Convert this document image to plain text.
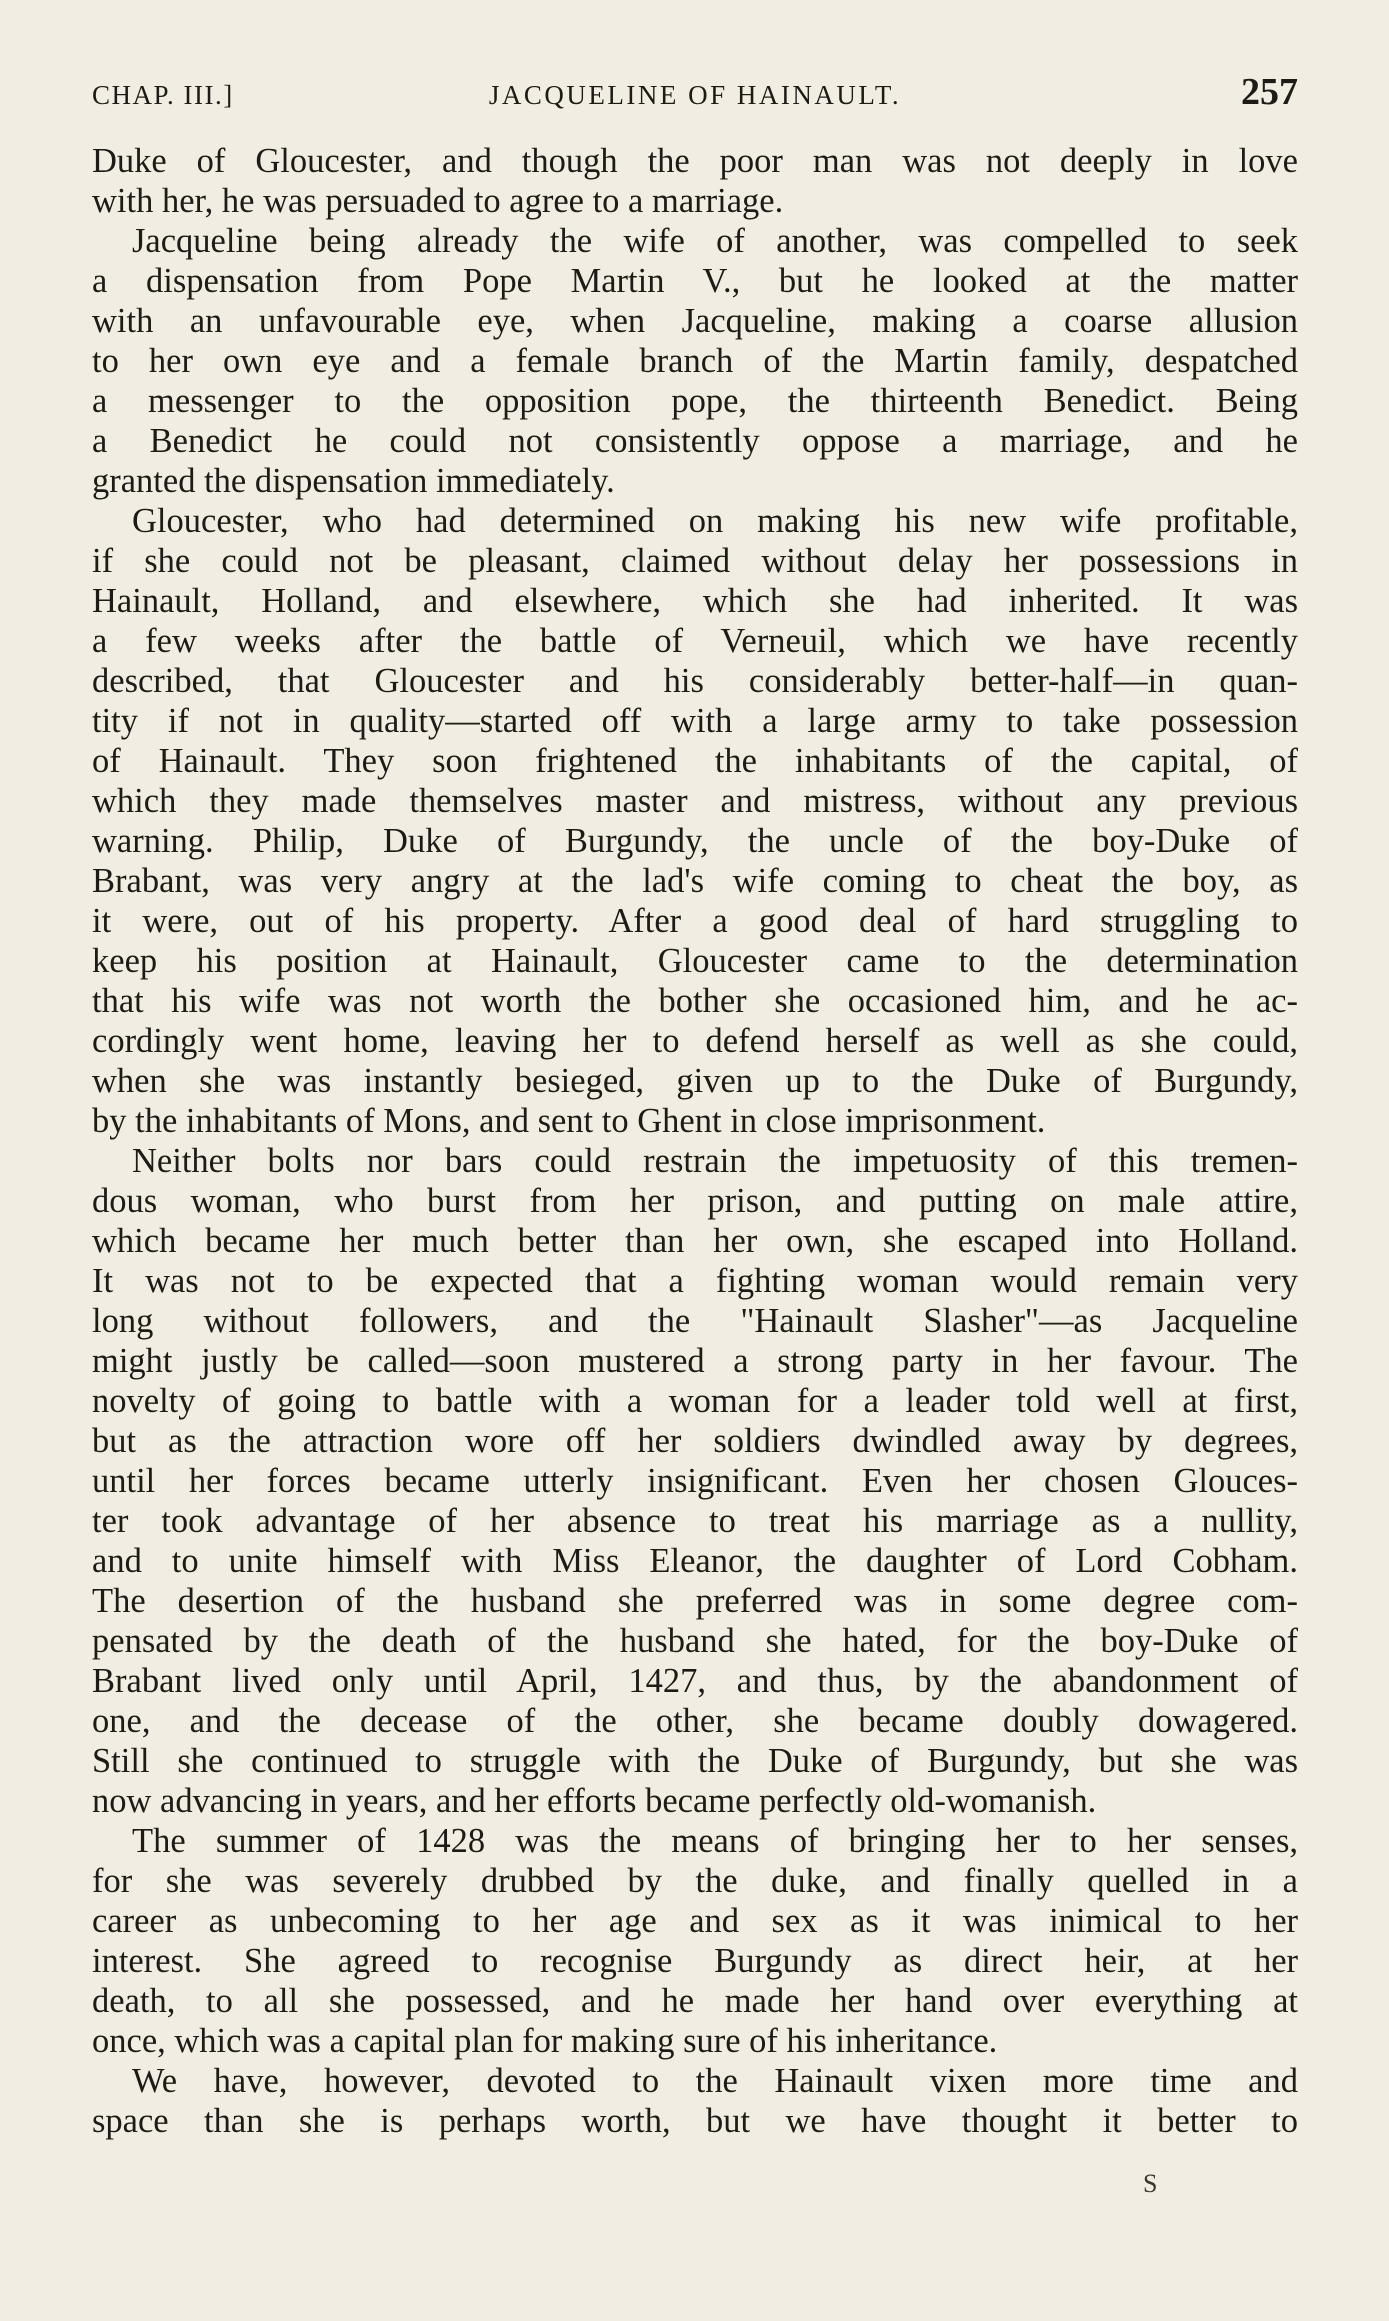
CHAP. III.]	JACQUELINE OF HAINAULT.	257
Duke of Gloucester, and though the poor man was not deeply in love
with her, he was persuaded to agree to a marriage.
Jacqueline being already the wife of another, was compelled to seek
a dispensation from Pope Martin V., but he looked at the matter
with an unfavourable eye, when Jacqueline, making a coarse allusion
to her own eye and a female branch of the Martin family, despatched
a messenger to the opposition pope, the thirteenth Benedict. Being
a Benedict he could not consistently oppose a marriage, and he
granted the dispensation immediately.
Gloucester, who had determined on making his new wife profitable,
if she could not be pleasant, claimed without delay her possessions in
Hainault, Holland, and elsewhere, which she had inherited. It was
a few weeks after the battle of Verneuil, which we have recently
described, that Gloucester and his considerably better-half—in quan-
tity if not in quality—started off with a large army to take possession
of Hainault. They soon frightened the inhabitants of the capital, of
which they made themselves master and mistress, without any previous
warning. Philip, Duke of Burgundy, the uncle of the boy-Duke of
Brabant, was very angry at the lad's wife coming to cheat the boy, as
it were, out of his property. After a good deal of hard struggling to
keep his position at Hainault, Gloucester came to the determination
that his wife was not worth the bother she occasioned him, and he ac-
cordingly went home, leaving her to defend herself as well as she could,
when she was instantly besieged, given up to the Duke of Burgundy,
by the inhabitants of Mons, and sent to Ghent in close imprisonment.
Neither bolts nor bars could restrain the impetuosity of this tremen-
dous woman, who burst from her prison, and putting on male attire,
which became her much better than her own, she escaped into Holland.
It was not to be expected that a fighting woman would remain very
long without followers, and the "Hainault Slasher"—as Jacqueline
might justly be called—soon mustered a strong party in her favour. The
novelty of going to battle with a woman for a leader told well at first,
but as the attraction wore off her soldiers dwindled away by degrees,
until her forces became utterly insignificant. Even her chosen Glouces-
ter took advantage of her absence to treat his marriage as a nullity,
and to unite himself with Miss Eleanor, the daughter of Lord Cobham.
The desertion of the husband she preferred was in some degree com-
pensated by the death of the husband she hated, for the boy-Duke of
Brabant lived only until April, 1427, and thus, by the abandonment of
one, and the decease of the other, she became doubly dowagered.
Still she continued to struggle with the Duke of Burgundy, but she was
now advancing in years, and her efforts became perfectly old-womanish.
The summer of 1428 was the means of bringing her to her senses,
for she was severely drubbed by the duke, and finally quelled in a
career as unbecoming to her age and sex as it was inimical to her
interest. She agreed to recognise Burgundy as direct heir, at her
death, to all she possessed, and he made her hand over everything at
once, which was a capital plan for making sure of his inheritance.
We have, however, devoted to the Hainault vixen more time and
space than she is perhaps worth, but we have thought it better to
S
